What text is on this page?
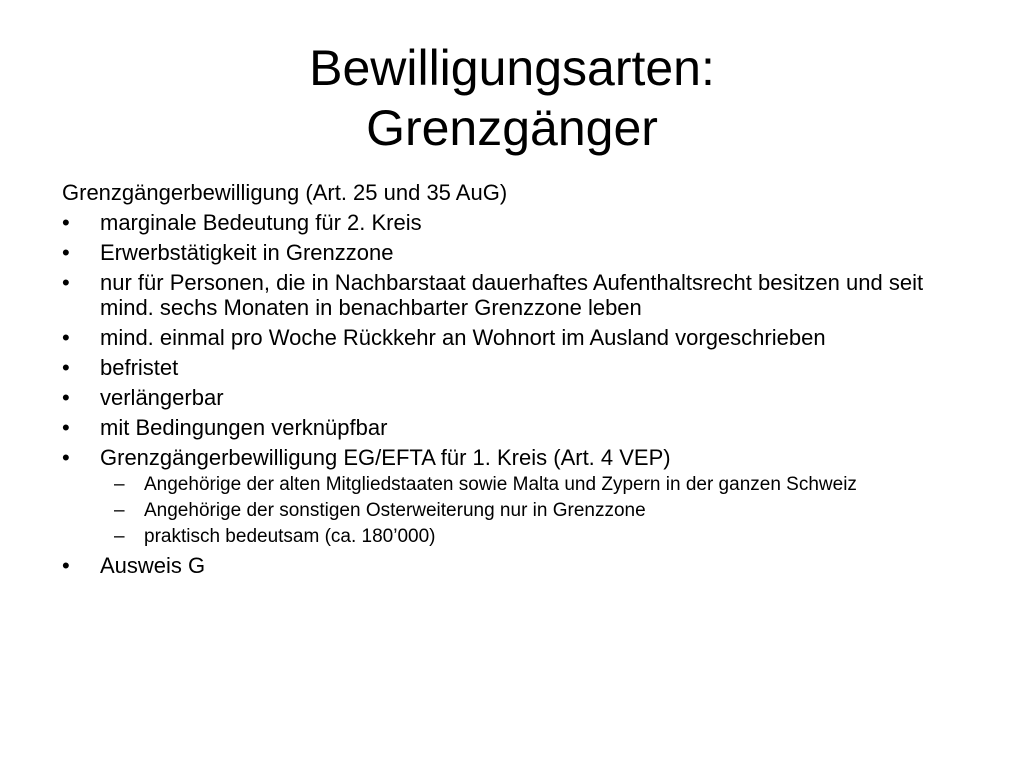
Bewilligungsarten:
Grenzgänger
Grenzgängerbewilligung (Art. 25 und 35 AuG)
• marginale Bedeutung für 2. Kreis
• Erwerbstätigkeit in Grenzzone
• nur für Personen, die in Nachbarstaat dauerhaftes Aufenthaltsrecht besitzen und seit mind. sechs Monaten in benachbarter Grenzzone leben
• mind. einmal pro Woche Rückkehr an Wohnort im Ausland vorgeschrieben
• befristet
• verlängerbar
• mit Bedingungen verknüpfbar
• Grenzgängerbewilligung EG/EFTA für 1. Kreis (Art. 4 VEP)
– Angehörige der alten Mitgliedstaaten sowie Malta und Zypern in der ganzen Schweiz
– Angehörige der sonstigen Osterweiterung nur in Grenzzone
– praktisch bedeutsam (ca. 180’000)
• Ausweis G
